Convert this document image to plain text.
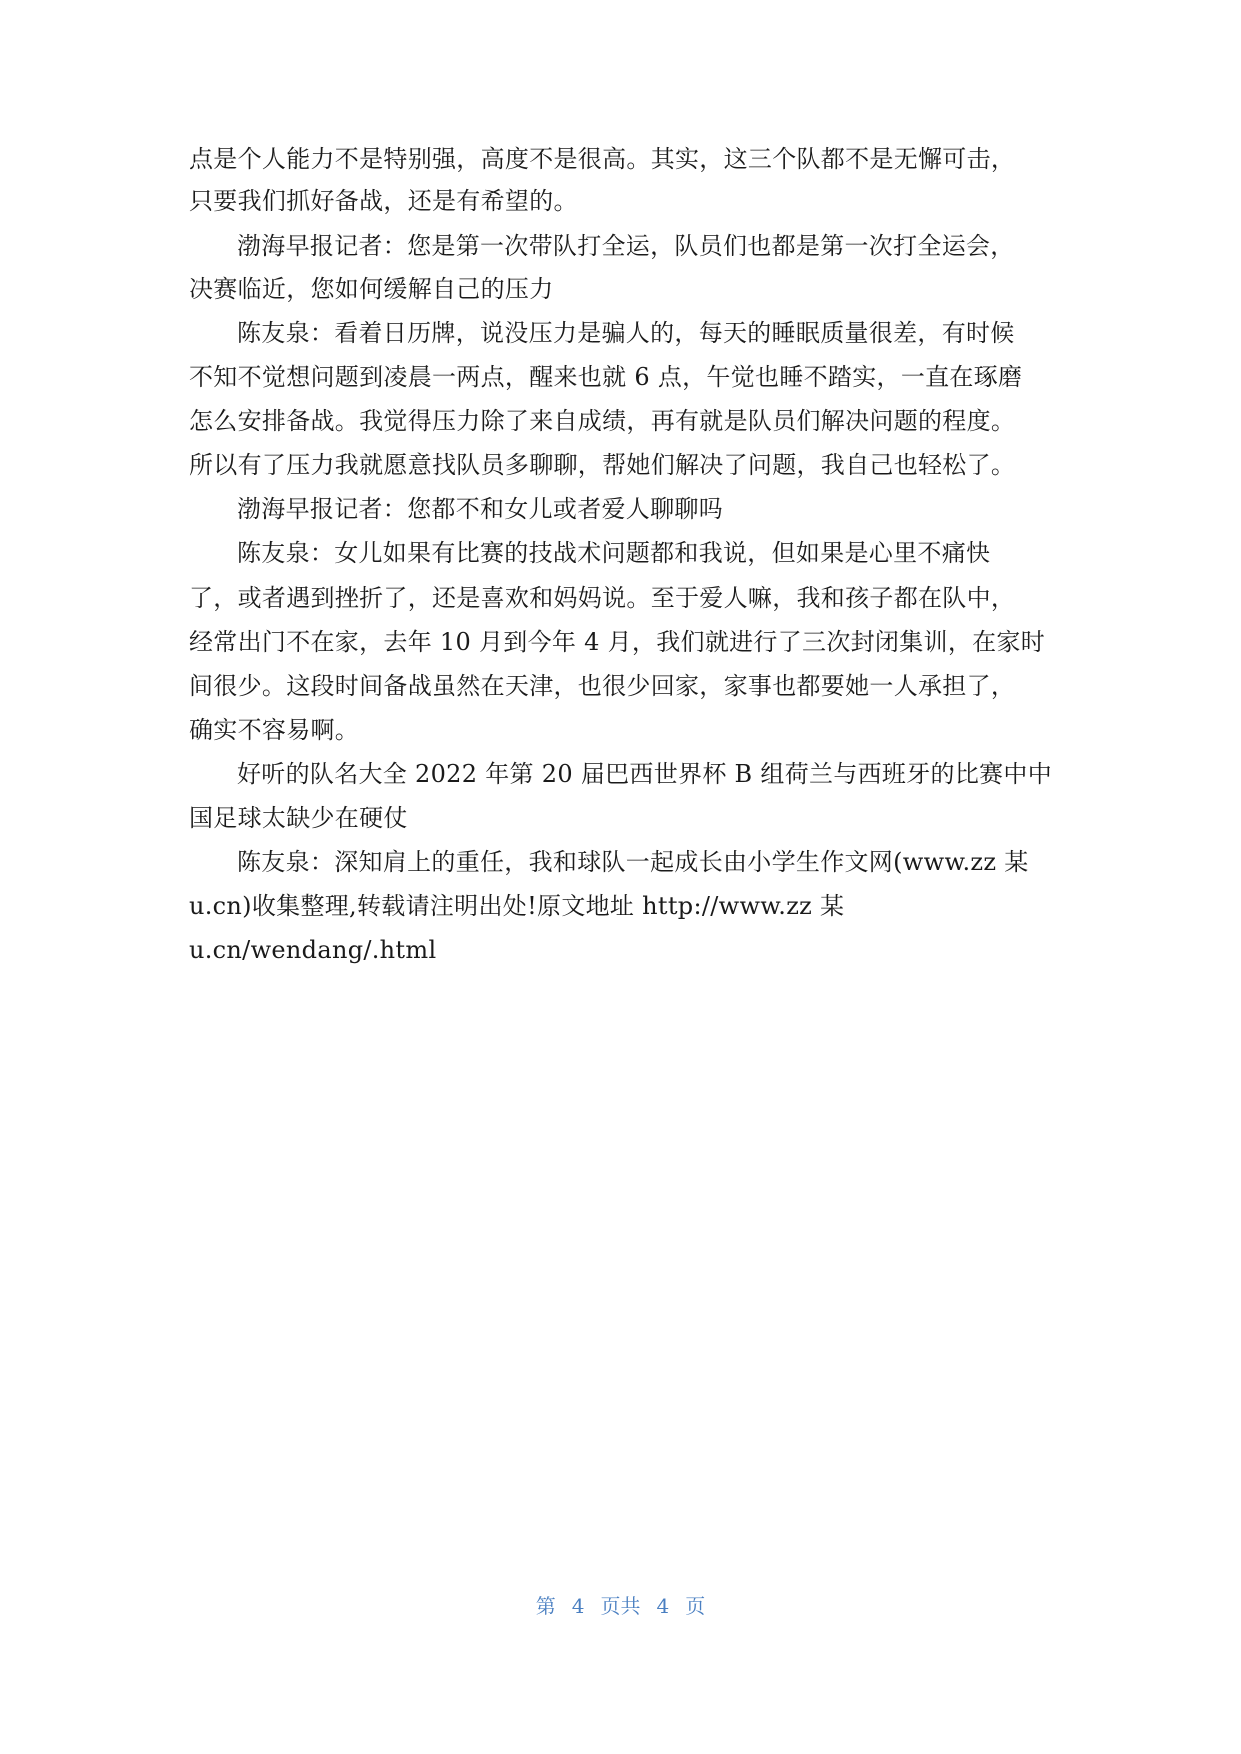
点是个人能力不是特别强，高度不是很高。其实，这三个队都不是无懈可击，
只要我们抓好备战，还是有希望的。
渤海早报记者：您是第一次带队打全运，队员们也都是第一次打全运会，
决赛临近，您如何缓解自己的压力
陈友泉：看着日历牌，说没压力是骗人的，每天的睡眠质量很差，有时候
不知不觉想问题到凌晨一两点，醒来也就 6 点，午觉也睡不踏实，一直在琢磨
怎么安排备战。我觉得压力除了来自成绩，再有就是队员们解决问题的程度。
所以有了压力我就愿意找队员多聊聊，帮她们解决了问题，我自己也轻松了。
渤海早报记者：您都不和女儿或者爱人聊聊吗
陈友泉：女儿如果有比赛的技战术问题都和我说，但如果是心里不痛快
了，或者遇到挫折了，还是喜欢和妈妈说。至于爱人嘛，我和孩子都在队中，
经常出门不在家，去年 10 月到今年 4 月，我们就进行了三次封闭集训，在家时
间很少。这段时间备战虽然在天津，也很少回家，家事也都要她一人承担了，
确实不容易啊。
好听的队名大全 2022 年第 20 届巴西世界杯 B 组荷兰与西班牙的比赛中中
国足球太缺少在硬仗
陈友泉：深知肩上的重任，我和球队一起成长由小学生作文网(www.zz 某
u.cn)收集整理,转载请注明出处!原文地址 http://www.zz 某
u.cn/wendang/.html
第 4 页共 4 页
